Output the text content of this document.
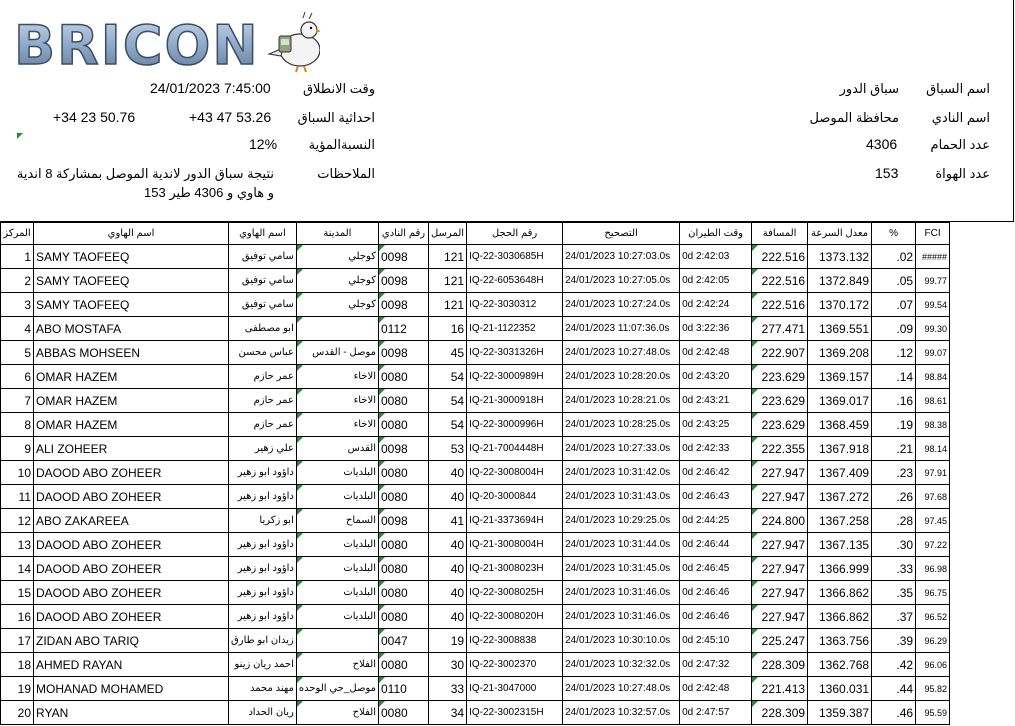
BRICON
اسم السباق
سباق الدور
اسم النادي
محافظة الموصل
عدد الحمام
4306
عدد الهواة
153
وقت الانطلاق
24/01/2023 7:45:00
احداثية السباق
+43 47 53.26
+34 23 50.76
النسبةالمؤية
12%
الملاحظات
نتيجة سباق الدور لاندية الموصل بمشاركة 8 اندية و هاوي و 4306 طير 153
المركز	اسم الهاوي	اسم الهاوي	المدينة	رقم النادي	المرسل	رقم الحجل	التصحيح	وقت الطيران	المسافة	معدل السرعة	%	FCI
1	SAMY TAOFEEQ	سامي توفيق	كوجلي	0098	121	IQ-22-3030685H	24/01/2023 10:27:03.0s	0d 2:42:03	222.516	1373.132	.02	#####
2	SAMY TAOFEEQ	سامي توفيق	كوجلي	0098	121	IQ-22-6053648H	24/01/2023 10:27:05.0s	0d 2:42:05	222.516	1372.849	.05	99.77
3	SAMY TAOFEEQ	سامي توفيق	كوجلي	0098	121	IQ-22-3030312	24/01/2023 10:27:24.0s	0d 2:42:24	222.516	1370.172	.07	99.54
4	ABO MOSTAFA	ابو مصطفى		0112	16	IQ-21-1122352	24/01/2023 11:07:36.0s	0d 3:22:36	277.471	1369.551	.09	99.30
5	ABBAS MOHSEEN	عباس محسن	موصل - القدس	0098	45	IQ-22-3031326H	24/01/2023 10:27:48.0s	0d 2:42:48	222.907	1369.208	.12	99.07
6	OMAR HAZEM	عمر حازم	الاخاء	0080	54	IQ-22-3000989H	24/01/2023 10:28:20.0s	0d 2:43:20	223.629	1369.157	.14	98.84
7	OMAR HAZEM	عمر حازم	الاخاء	0080	54	IQ-21-3000918H	24/01/2023 10:28:21.0s	0d 2:43:21	223.629	1369.017	.16	98.61
8	OMAR HAZEM	عمر حازم	الاخاء	0080	54	IQ-22-3000996H	24/01/2023 10:28:25.0s	0d 2:43:25	223.629	1368.459	.19	98.38
9	ALI ZOHEER	علي زهير	القدس	0098	53	IQ-21-7004448H	24/01/2023 10:27:33.0s	0d 2:42:33	222.355	1367.918	.21	98.14
10	DAOOD ABO ZOHEER	داؤود ابو زهير	البلديات	0080	40	IQ-22-3008004H	24/01/2023 10:31:42.0s	0d 2:46:42	227.947	1367.409	.23	97.91
11	DAOOD ABO ZOHEER	داؤود ابو زهير	البلديات	0080	40	IQ-20-3000844	24/01/2023 10:31:43.0s	0d 2:46:43	227.947	1367.272	.26	97.68
12	ABO ZAKAREEA	ابو زكريا	السماح	0098	41	IQ-21-3373694H	24/01/2023 10:29:25.0s	0d 2:44:25	224.800	1367.258	.28	97.45
13	DAOOD ABO ZOHEER	داؤود ابو زهير	البلديات	0080	40	IQ-21-3008004H	24/01/2023 10:31:44.0s	0d 2:46:44	227.947	1367.135	.30	97.22
14	DAOOD ABO ZOHEER	داؤود ابو زهير	البلديات	0080	40	IQ-21-3008023H	24/01/2023 10:31:45.0s	0d 2:46:45	227.947	1366.999	.33	96.98
15	DAOOD ABO ZOHEER	داؤود ابو زهير	البلديات	0080	40	IQ-22-3008025H	24/01/2023 10:31:46.0s	0d 2:46:46	227.947	1366.862	.35	96.75
16	DAOOD ABO ZOHEER	داؤود ابو زهير	البلديات	0080	40	IQ-22-3008020H	24/01/2023 10:31:46.0s	0d 2:46:46	227.947	1366.862	.37	96.52
17	ZIDAN ABO TARIQ	زيدان ابو طارق		0047	19	IQ-22-3008838	24/01/2023 10:30:10.0s	0d 2:45:10	225.247	1363.756	.39	96.29
18	AHMED RAYAN	احمد ريان زينو	الفلاح	0080	30	IQ-22-3002370	24/01/2023 10:32:32.0s	0d 2:47:32	228.309	1362.768	.42	96.06
19	MOHANAD MOHAMED	مهند محمد	موصل_حي الوحده	0110	33	IQ-21-3047000	24/01/2023 10:27:48.0s	0d 2:42:48	221.413	1360.031	.44	95.82
20	RYAN	ريان الحداد	الفلاح	0080	34	IQ-22-3002315H	24/01/2023 10:32:57.0s	0d 2:47:57	228.309	1359.387	.46	95.59
